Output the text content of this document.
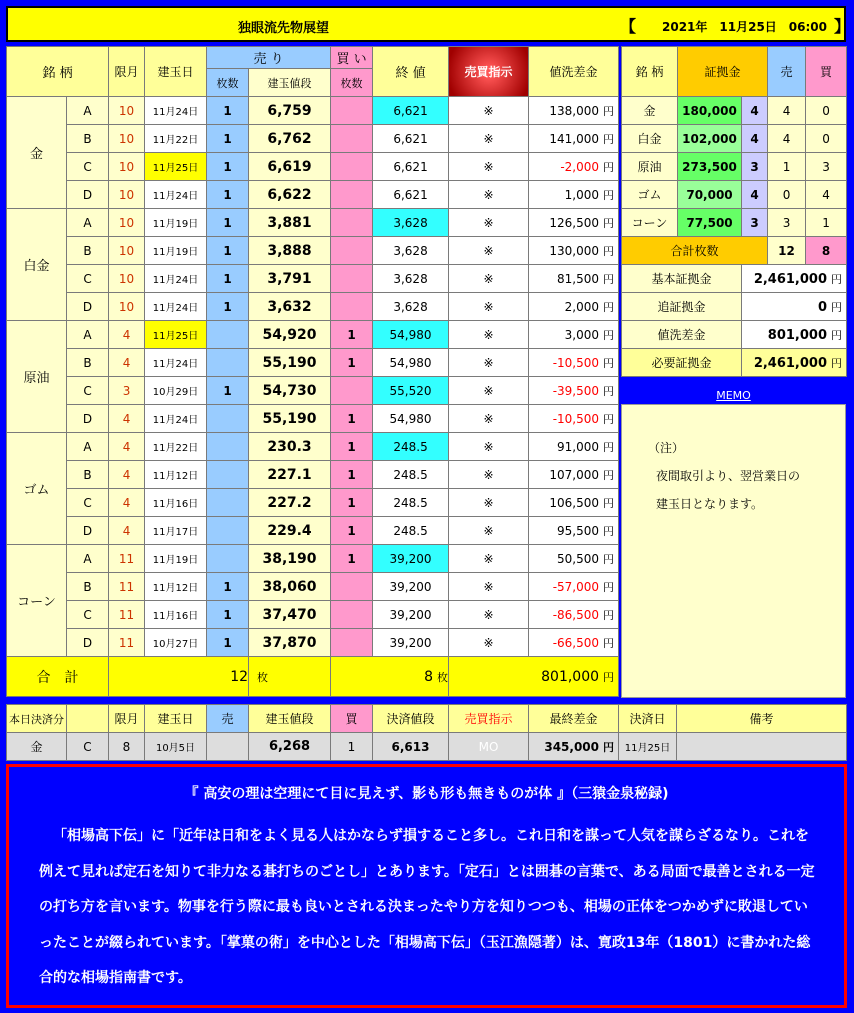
独眼流先物展望	【 2021年　11月25日　06:00 】
銘 柄		限月	建玉日	売 り		買 い	終 値	売買指示	値洗差金
				枚数	建玉値段	枚数			
金	A	10	11月24日	1	6,759		6,621	※	138,000 円
	B	10	11月22日	1	6,762		6,621	※	141,000 円
	C	10	11月25日	1	6,619		6,621	※	-2,000 円
	D	10	11月24日	1	6,622		6,621	※	1,000 円
白金	A	10	11月19日	1	3,881		3,628	※	126,500 円
	B	10	11月19日	1	3,888		3,628	※	130,000 円
	C	10	11月24日	1	3,791		3,628	※	81,500 円
	D	10	11月24日	1	3,632		3,628	※	2,000 円
原油	A	4	11月25日		54,920	1	54,980	※	3,000 円
	B	4	11月24日		55,190	1	54,980	※	-10,500 円
	C	3	10月29日	1	54,730		55,520	※	-39,500 円
	D	4	11月24日		55,190	1	54,980	※	-10,500 円
ゴム	A	4	11月22日		230.3	1	248.5	※	91,000 円
	B	4	11月12日		227.1	1	248.5	※	107,000 円
	C	4	11月16日		227.2	1	248.5	※	106,500 円
	D	4	11月17日		229.4	1	248.5	※	95,500 円
コーン	A	11	11月19日		38,190	1	39,200	※	50,500 円
	B	11	11月12日	1	38,060		39,200	※	-57,000 円
	C	11	11月16日	1	37,470		39,200	※	-86,500 円
	D	11	10月27日	1	37,870		39,200	※	-66,500 円
合　計		12			枚	8 枚		801,000 円	
銘 柄	証拠金		売	買
金	180,000	4	4	0
白金	102,000	4	4	0
原油	273,500	3	1	3
ゴム	70,000	4	0	4
コーン	77,500	3	3	1
合計枚数			12	8
基本証拠金		2,461,000 円		
追証拠金		0 円		
値洗差金		801,000 円		
必要証拠金		2,461,000 円		
$_{MEMO}$
（注）
夜間取引より、翌営業日の
建玉日となります。
本日決済分		限月	建玉日	売	建玉値段	買	決済値段	売買指示	最終差金	決済日	備考
金	C	8	10月5日		6,268	1	6,613	MO	345,000 円	11月25日	
『 高安の理は空理にて目に見えず、影も形も無きものが体 』（三猿金泉秘録)
「相場高下伝」に「近年は日和をよく見る人はかならず損すること多し。これ日和を謀って人気を謀らざるなり。これを例えて見れば定石を知りて非力なる碁打ちのごとし」とあります。「定石」とは囲碁の言葉で、ある局面で最善とされる一定の打ち方を言います。物事を行う際に最も良いとされる決まったやり方を知りつつも、相場の正体をつかめずに敗退していったことが綴られています。「掌菓の術」を中心とした「相場高下伝」（玉江漁隠著）は、寛政13年（1801）に書かれた総合的な相場指南書です。
